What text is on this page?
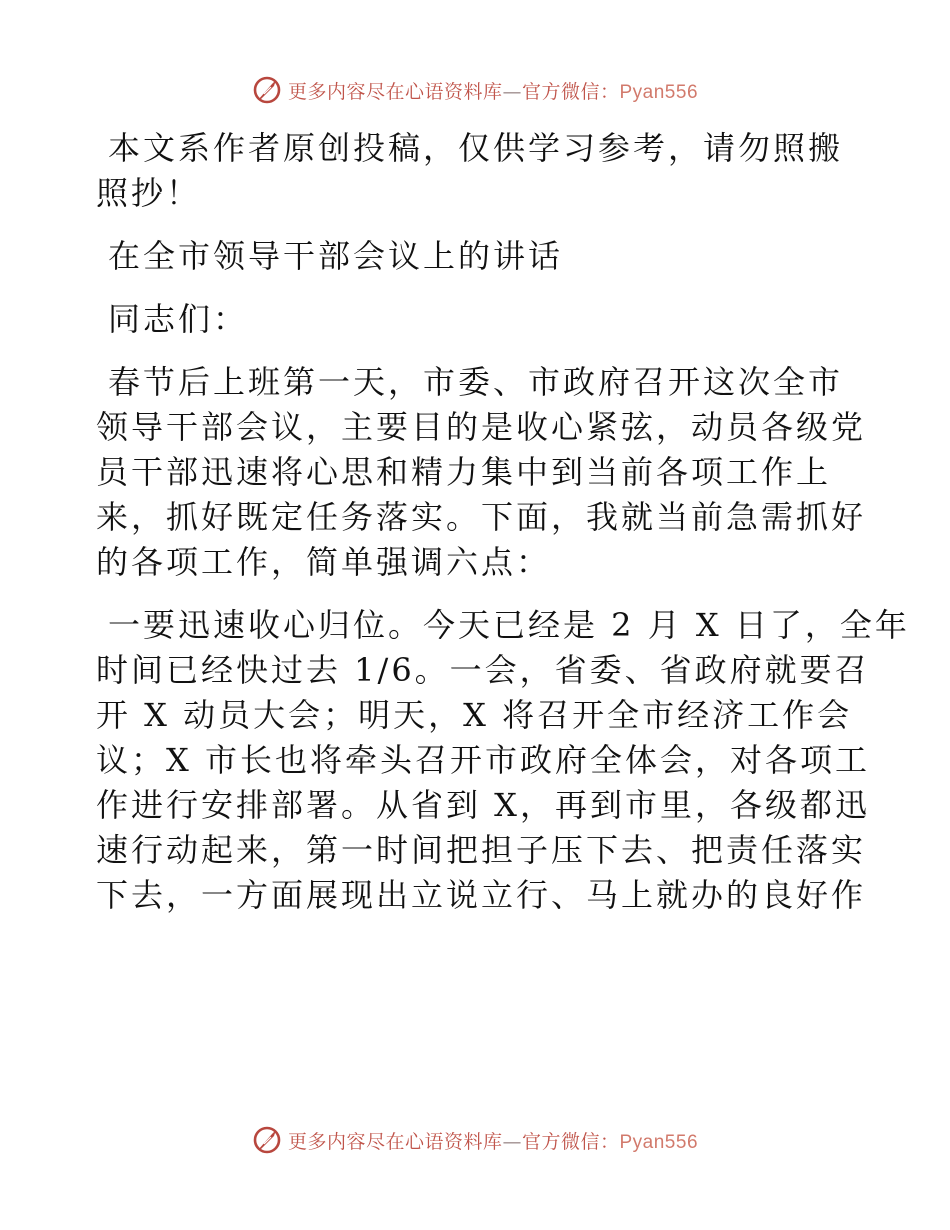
更多内容尽在心语资料库—官方微信：Pyan556

本文系作者原创投稿，仅供学习参考，请勿照搬
照抄！

在全市领导干部会议上的讲话

同志们：

春节后上班第一天，市委、市政府召开这次全市
领导干部会议，主要目的是收心紧弦，动员各级党
员干部迅速将心思和精力集中到当前各项工作上
来，抓好既定任务落实。下面，我就当前急需抓好
的各项工作，简单强调六点：

一要迅速收心归位。今天已经是 2 月 X 日了，全年
时间已经快过去 1/6。一会，省委、省政府就要召
开 X 动员大会；明天，X 将召开全市经济工作会
议；X 市长也将牵头召开市政府全体会，对各项工
作进行安排部署。从省到 X，再到市里，各级都迅
速行动起来，第一时间把担子压下去、把责任落实
下去，一方面展现出立说立行、马上就办的良好作

更多内容尽在心语资料库—官方微信：Pyan556
